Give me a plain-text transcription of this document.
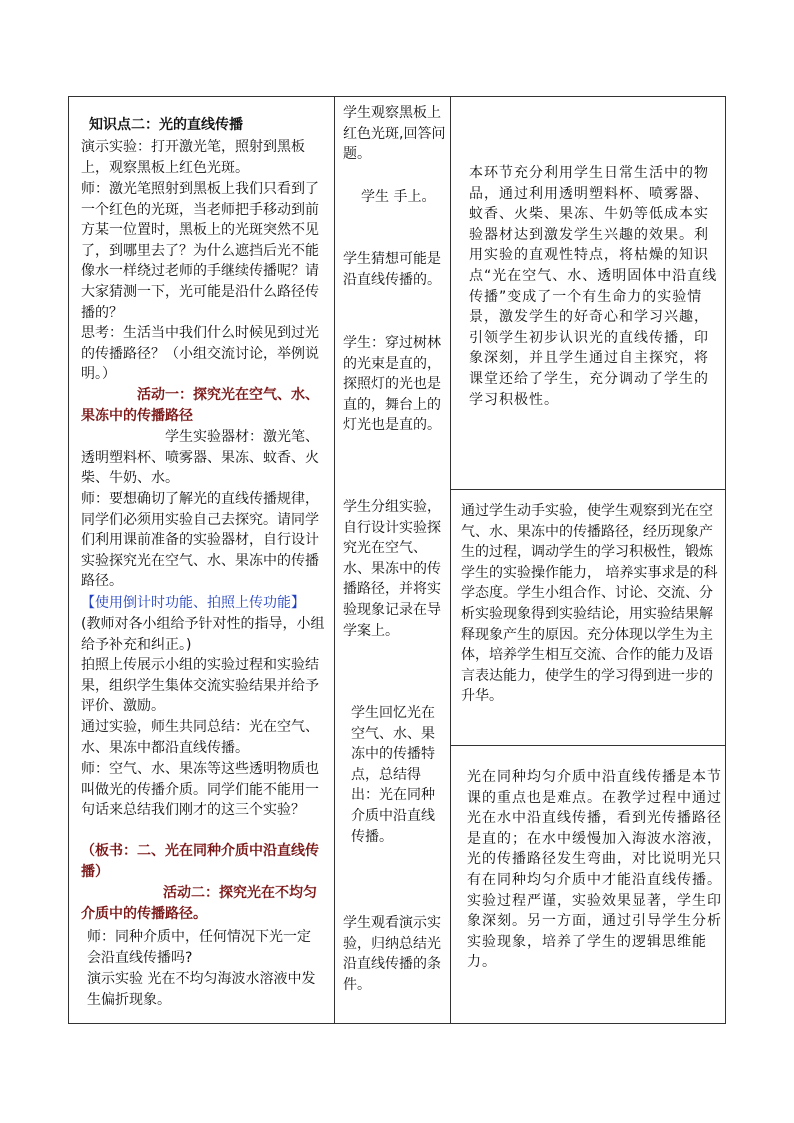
知识点二：光的直线传播

演示实验：打开激光笔，照射到黑板上，观察黑板上红色光斑。

师：激光笔照射到黑板上我们只看到了一个红色的光斑，当老师把手移动到前方某一位置时，黑板上的光斑突然不见了，到哪里去了？为什么遮挡后光不能像水一样绕过老师的手继续传播呢？请大家猜测一下，光可能是沿什么路径传播的？

思考：生活当中我们什么时候见到过光的传播路径？（小组交流讨论，举例说明。）

活动一：探究光在空气、水、果冻中的传播路径

学生实验器材：激光笔、透明塑料杯、喷雾器、果冻、蚊香、火柴、牛奶、水。

师：要想确切了解光的直线传播规律，同学们必须用实验自己去探究。请同学们利用课前准备的实验器材，自行设计实验探究光在空气、水、果冻中的传播路径。

【使用倒计时功能、拍照上传功能】

(教师对各小组给予针对性的指导，小组给予补充和纠正。)

拍照上传展示小组的实验过程和实验结果，组织学生集体交流实验结果并给予评价、激励。

通过实验，师生共同总结：光在空气、水、果冻中都沿直线传播。

师：空气、水、果冻等这些透明物质也叫做光的传播介质。同学们能不能用一句话来总结我们刚才的这三个实验？

（板书：二、光在同种介质中沿直线传播）

活动二：探究光在不均匀介质中的传播路径。

师：同种介质中，任何情况下光一定会沿直线传播吗?

演示实验 光在不均匀海波水溶液中发生偏折现象。

学生观察黑板上红色光斑,回答问题。

学生 手上。

学生猜想可能是沿直线传播的。

学生：穿过树林的光束是直的，探照灯的光也是直的，舞台上的灯光也是直的。

学生分组实验，自行设计实验探究光在空气、水、果冻中的传播路径，并将实验现象记录在导学案上。

学生回忆光在空气、水、果冻中的传播特点，总结得出：光在同种介质中沿直线传播。

学生观看演示实验，归纳总结光沿直线传播的条件。

本环节充分利用学生日常生活中的物品，通过利用透明塑料杯、喷雾器、蚊香、火柴、果冻、牛奶等低成本实验器材达到激发学生兴趣的效果。利用实验的直观性特点，将枯燥的知识点“光在空气、水、透明固体中沿直线传播”变成了一个有生命力的实验情景，激发学生的好奇心和学习兴趣，引领学生初步认识光的直线传播，印象深刻，并且学生通过自主探究，将课堂还给了学生，充分调动了学生的学习积极性。

通过学生动手实验，使学生观察到光在空气、水、果冻中的传播路径，经历现象产生的过程，调动学生的学习积极性，锻炼学生的实验操作能力， 培养实事求是的科学态度。学生小组合作、讨论、交流、分析实验现象得到实验结论，用实验结果解释现象产生的原因。充分体现以学生为主体，培养学生相互交流、合作的能力及语言表达能力，使学生的学习得到进一步的升华。

光在同种均匀介质中沿直线传播是本节课的重点也是难点。在教学过程中通过光在水中沿直线传播，看到光传播路径是直的；在水中缓慢加入海波水溶液，光的传播路径发生弯曲，对比说明光只有在同种均匀介质中才能沿直线传播。实验过程严谨，实验效果显著，学生印象深刻。另一方面，通过引导学生分析实验现象，培养了学生的逻辑思维能力。
